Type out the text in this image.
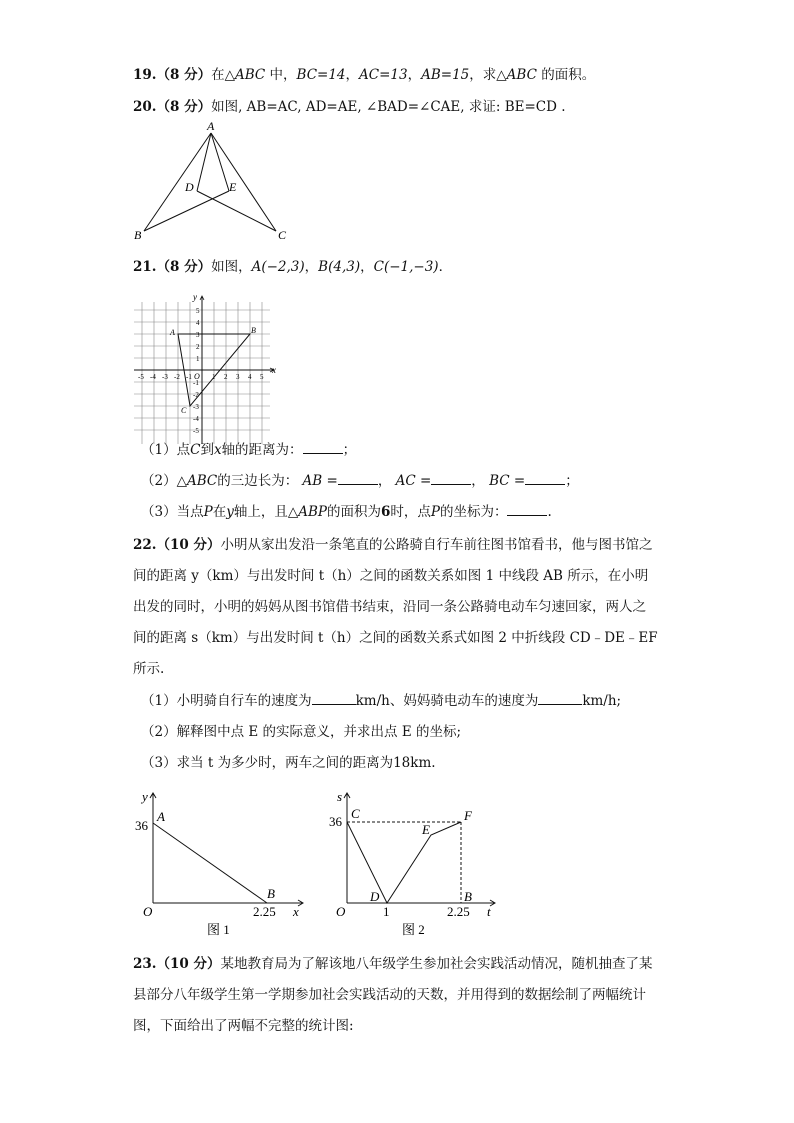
19.（8 分）在△ABC 中，BC=14，AC=13，AB=15，求△ABC 的面积。
20.（8 分）如图, AB=AC, AD=AE, ∠BAD=∠CAE, 求证: BE=CD .
A
B	C
D	E
21.（8 分）如图，A(−2,3)，B(4,3)，C(−1,−3)．
-5 -4 -3 -2 -1	1 2 3 4 5
5
4
3
2
1
-1
-2
-3
-4
-5
O
x
y
A	B
C
（1）点C到x轴的距离为：	；
（2）△ABC的三边长为： AB =	， AC =	， BC =	；
（3）当点P在y轴上，且△ABP的面积为6时，点P的坐标为：	.
22.（10 分）小明从家出发沿一条笔直的公路骑自行车前往图书馆看书，他与图书馆之
间的距离 y（km）与出发时间 t（h）之间的函数关系如图 1 中线段 AB 所示，在小明
出发的同时，小明的妈妈从图书馆借书结束，沿同一条公路骑电动车匀速回家，两人之
间的距离 s（km）与出发时间 t（h）之间的函数关系式如图 2 中折线段 CD﹣DE﹣EF
所示.
（1）小明骑自行车的速度为	km/h、妈妈骑电动车的速度为	km/h;
（2）解释图中点 E 的实际意义，并求出点 E 的坐标;
（3）求当 t 为多少时，两车之间的距离为18km.
y
x
O
A
B
36
2.25
图 1
s
t
O
C
D
E
F
B
36
1	2.25
图 2
23.（10 分）某地教育局为了解该地八年级学生参加社会实践活动情况，随机抽查了某
县部分八年级学生第一学期参加社会实践活动的天数，并用得到的数据绘制了两幅统计
图，下面给出了两幅不完整的统计图:
